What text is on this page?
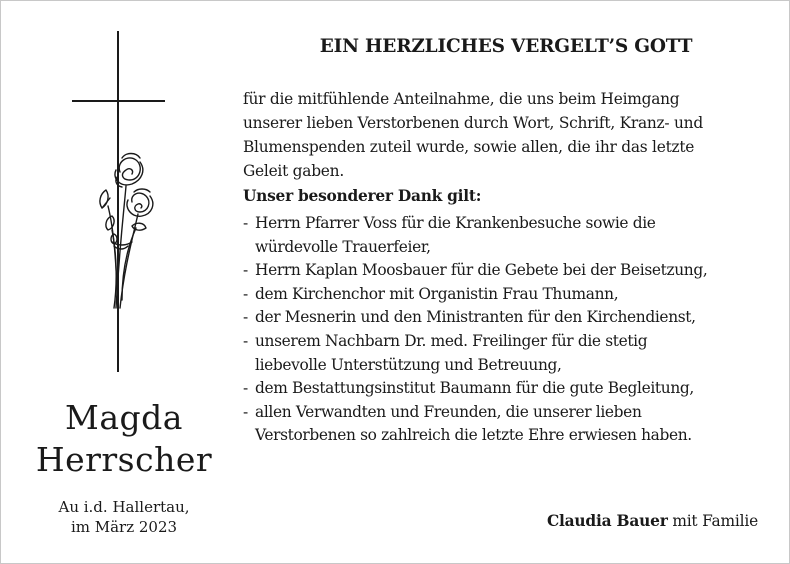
Magda
Herrscher
Au i.d. Hallertau,
im März 2023
EIN HERZLICHES VERGELT’S GOTT
für die mitfühlende Anteilnahme, die uns beim Heimgang
unserer lieben Verstorbenen durch Wort, Schrift, Kranz- und
Blumenspenden zuteil wurde, sowie allen, die ihr das letzte
Geleit gaben.
Unser besonderer Dank gilt:
- Herrn Pfarrer Voss für die Krankenbesuche sowie die
würdevolle Trauerfeier,
- Herrn Kaplan Moosbauer für die Gebete bei der Beisetzung,
- dem Kirchenchor mit Organistin Frau Thumann,
- der Mesnerin und den Ministranten für den Kirchendienst,
- unserem Nachbarn Dr. med. Freilinger für die stetig
liebevolle Unterstützung und Betreuung,
- dem Bestattungsinstitut Baumann für die gute Begleitung,
- allen Verwandten und Freunden, die unserer lieben
Verstorbenen so zahlreich die letzte Ehre erwiesen haben.
Claudia Bauer mit Familie
